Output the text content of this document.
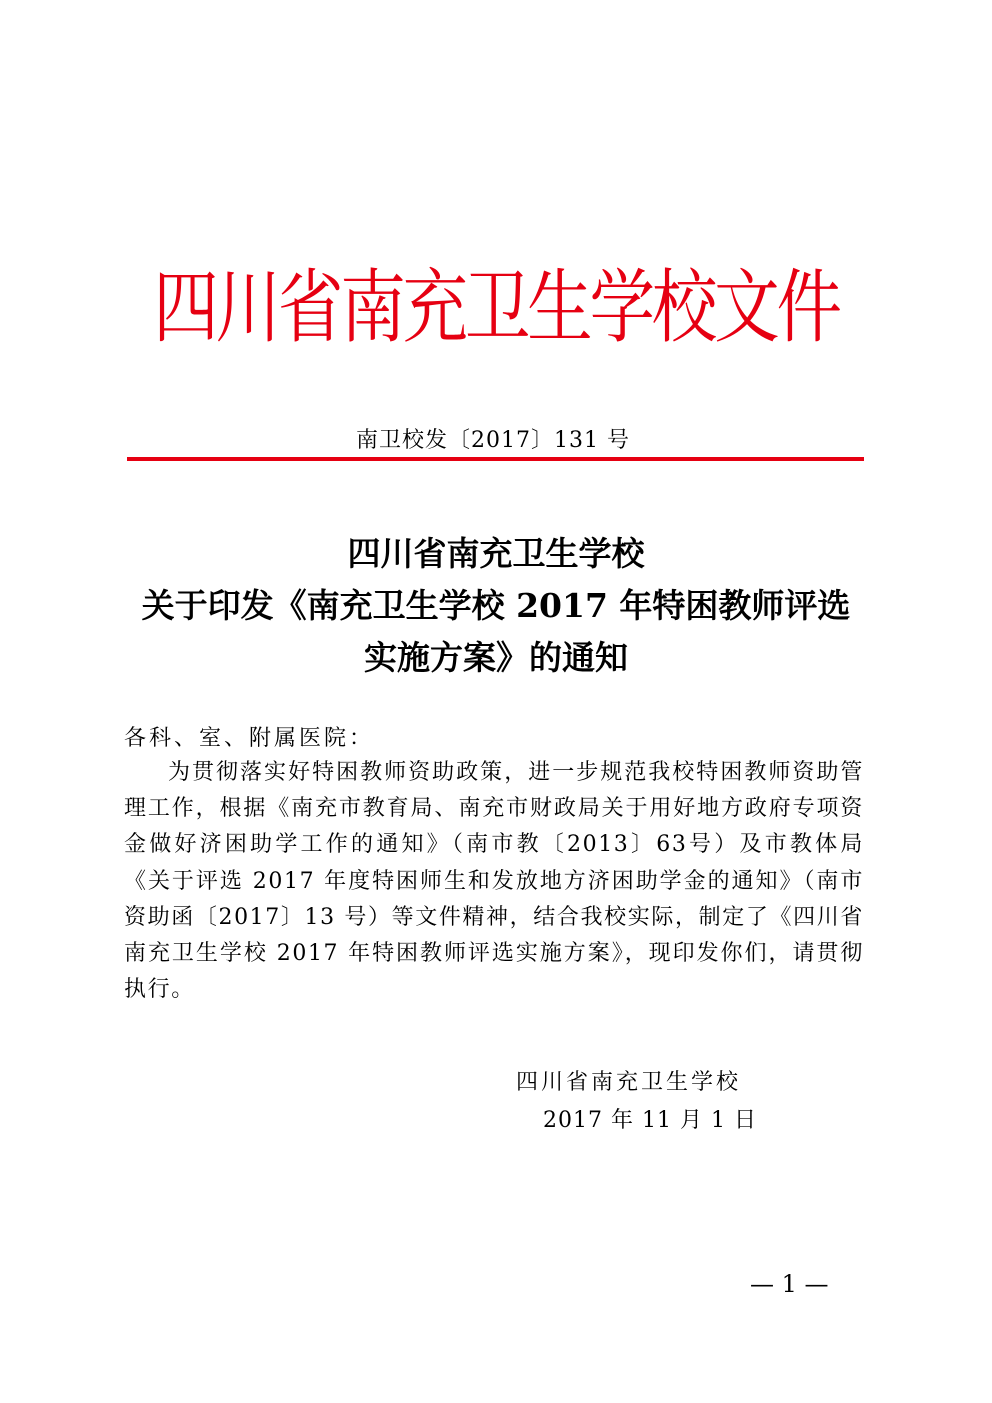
四川省南充卫生学校文件
南卫校发〔2017〕131 号
四川省南充卫生学校
关于印发《南充卫生学校 2017 年特困教师评选
实施方案》的通知
各科、室、附属医院：
为贯彻落实好特困教师资助政策，进一步规范我校特困教师资助管理工作，根据《南充市教育局、南充市财政局关于用好地方政府专项资金做好济困助学工作的通知》（南市教〔2013〕63号）及市教体局《关于评选 2017 年度特困师生和发放地方济困助学金的通知》（南市资助函〔2017〕13 号）等文件精神，结合我校实际，制定了《四川省南充卫生学校 2017 年特困教师评选实施方案》，现印发你们，请贯彻执行。
四川省南充卫生学校
2017 年 11 月 1 日
— 1 —
